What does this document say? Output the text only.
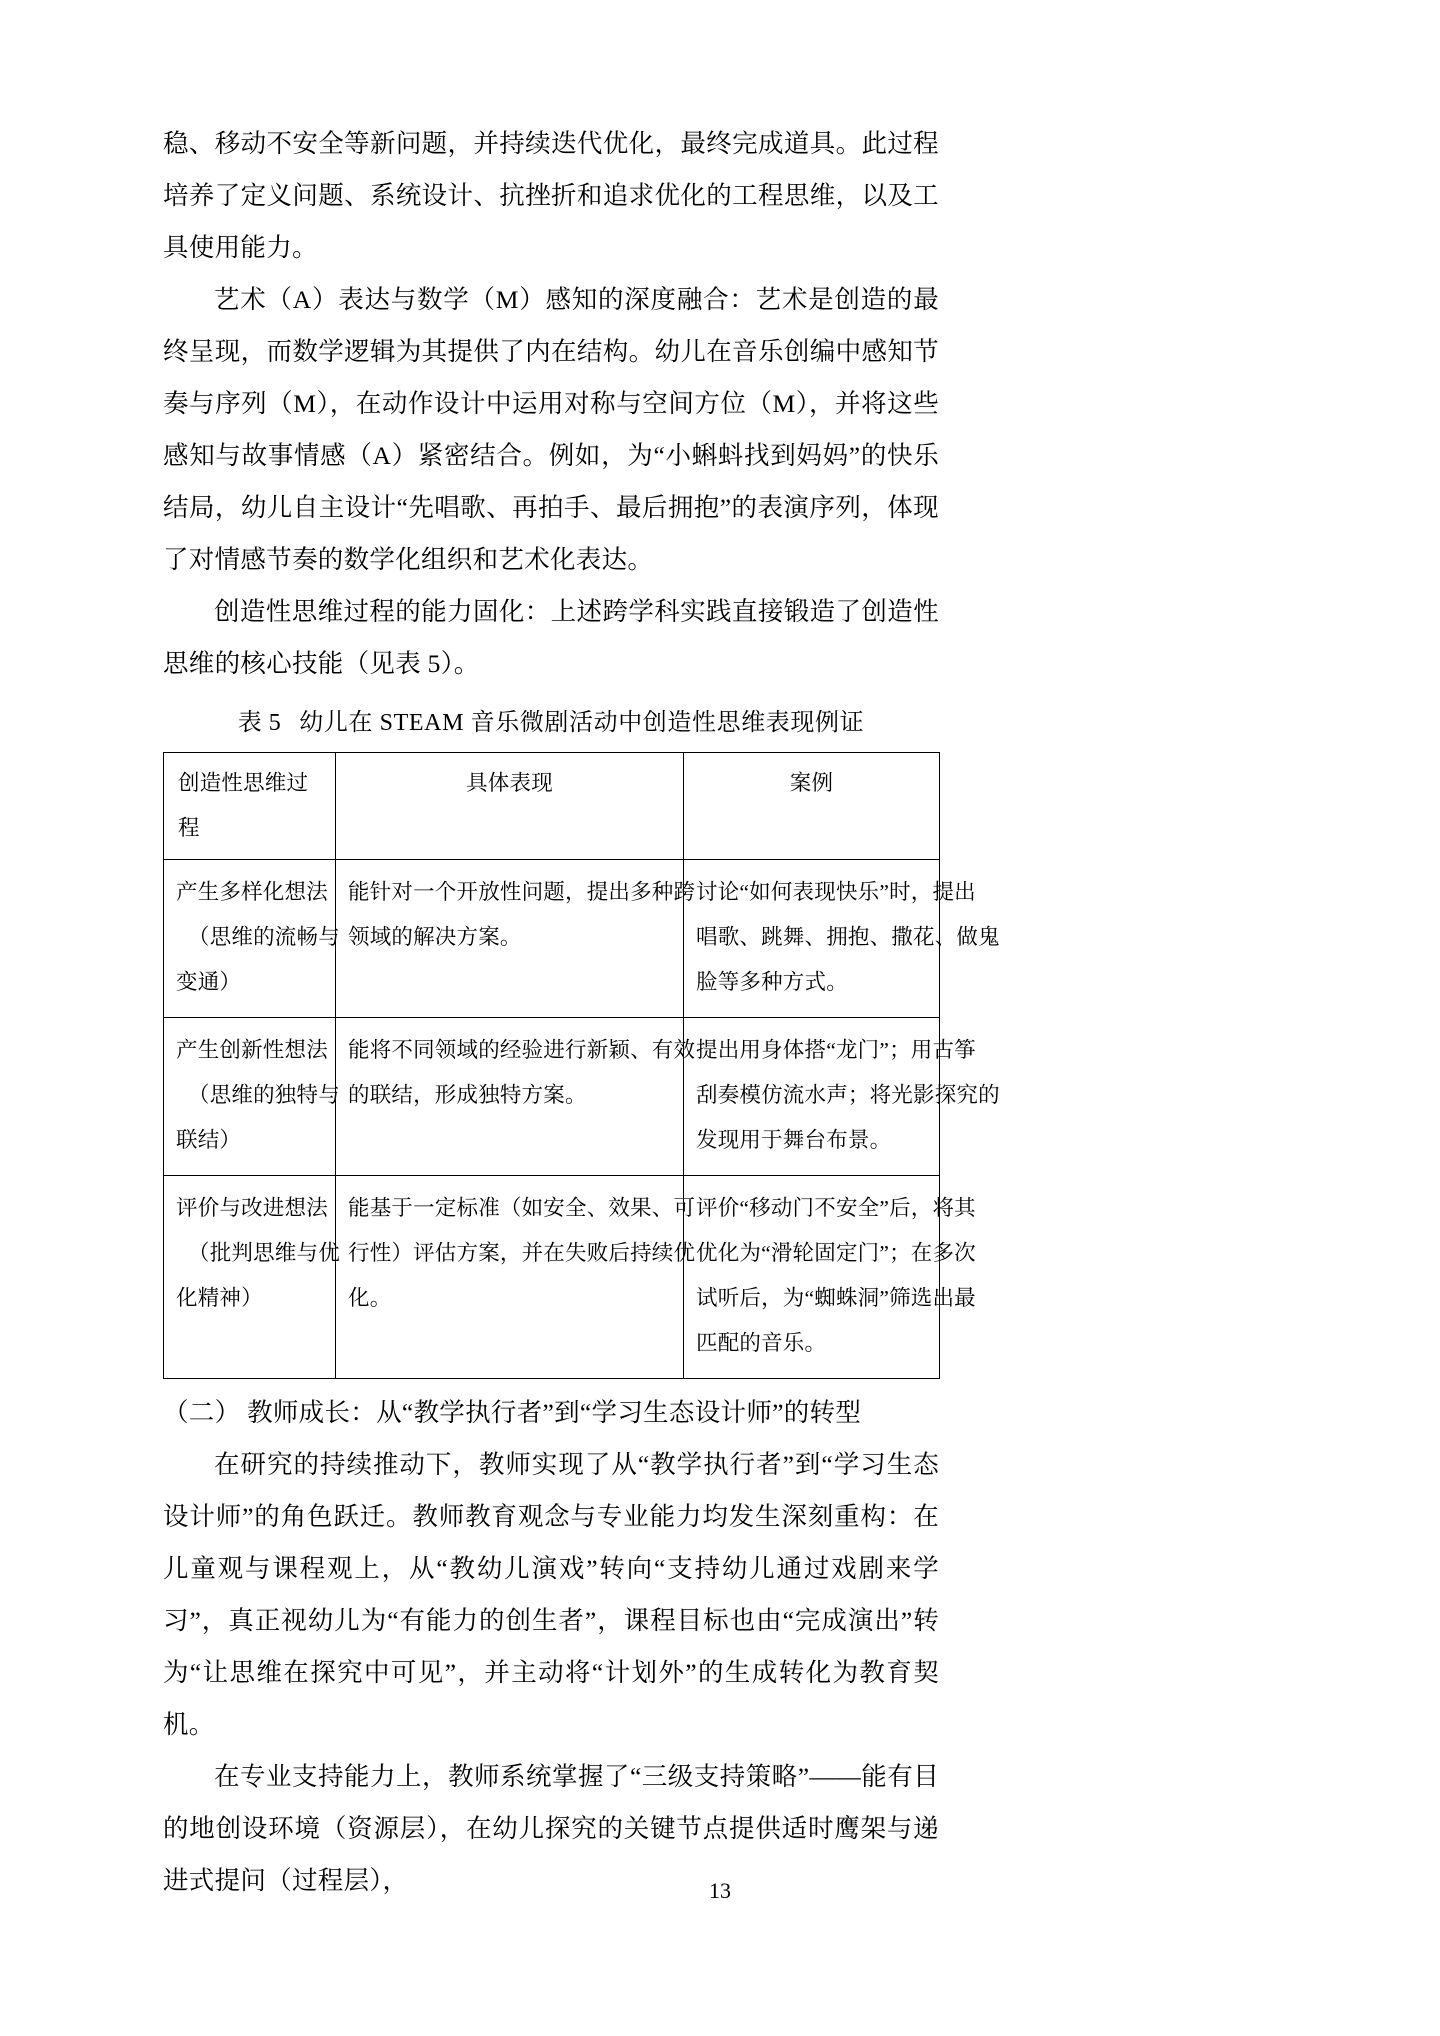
稳、移动不安全等新问题，并持续迭代优化，最终完成道具。此过程培养了定义问题、系统设计、抗挫折和追求优化的工程思维，以及工具使用能力。

艺术（A）表达与数学（M）感知的深度融合：艺术是创造的最终呈现，而数学逻辑为其提供了内在结构。幼儿在音乐创编中感知节奏与序列（M），在动作设计中运用对称与空间方位（M），并将这些感知与故事情感（A）紧密结合。例如，为“小蝌蚪找到妈妈”的快乐结局，幼儿自主设计“先唱歌、再拍手、最后拥抱”的表演序列，体现了对情感节奏的数学化组织和艺术化表达。

创造性思维过程的能力固化：上述跨学科实践直接锻造了创造性思维的核心技能（见表 5）。

表 5 幼儿在 STEAM 音乐微剧活动中创造性思维表现例证
创造性思维过程	具体表现	案例

产生多样化想法
（思维的流畅与
变通）	能针对一个开放性问题，提出多种跨
领域的解决方案。	讨论“如何表现快乐”时，提出
唱歌、跳舞、拥抱、撒花、做鬼
脸等多种方式。

产生创新性想法
（思维的独特与
联结）	能将不同领域的经验进行新颖、有效
的联结，形成独特方案。	提出用身体搭“龙门”；用古筝
刮奏模仿流水声；将光影探究的
发现用于舞台布景。

评价与改进想法
（批判思维与优
化精神）	能基于一定标准（如安全、效果、可
行性）评估方案，并在失败后持续优
化。	评价“移动门不安全”后，将其
优化为“滑轮固定门”；在多次
试听后，为“蜘蛛洞”筛选出最
匹配的音乐。

（二） 教师成长：从“教学执行者”到“学习生态设计师”的转型

在研究的持续推动下，教师实现了从“教学执行者”到“学习生态设计师”的角色跃迁。教师教育观念与专业能力均发生深刻重构：在儿童观与课程观上，从“教幼儿演戏”转向“支持幼儿通过戏剧来学习”，真正视幼儿为“有能力的创生者”，课程目标也由“完成演出”转为“让思维在探究中可见”，并主动将“计划外”的生成转化为教育契机。

在专业支持能力上，教师系统掌握了“三级支持策略”——能有目的地创设环境（资源层），在幼儿探究的关键节点提供适时鹰架与递进式提问（过程层），	13
